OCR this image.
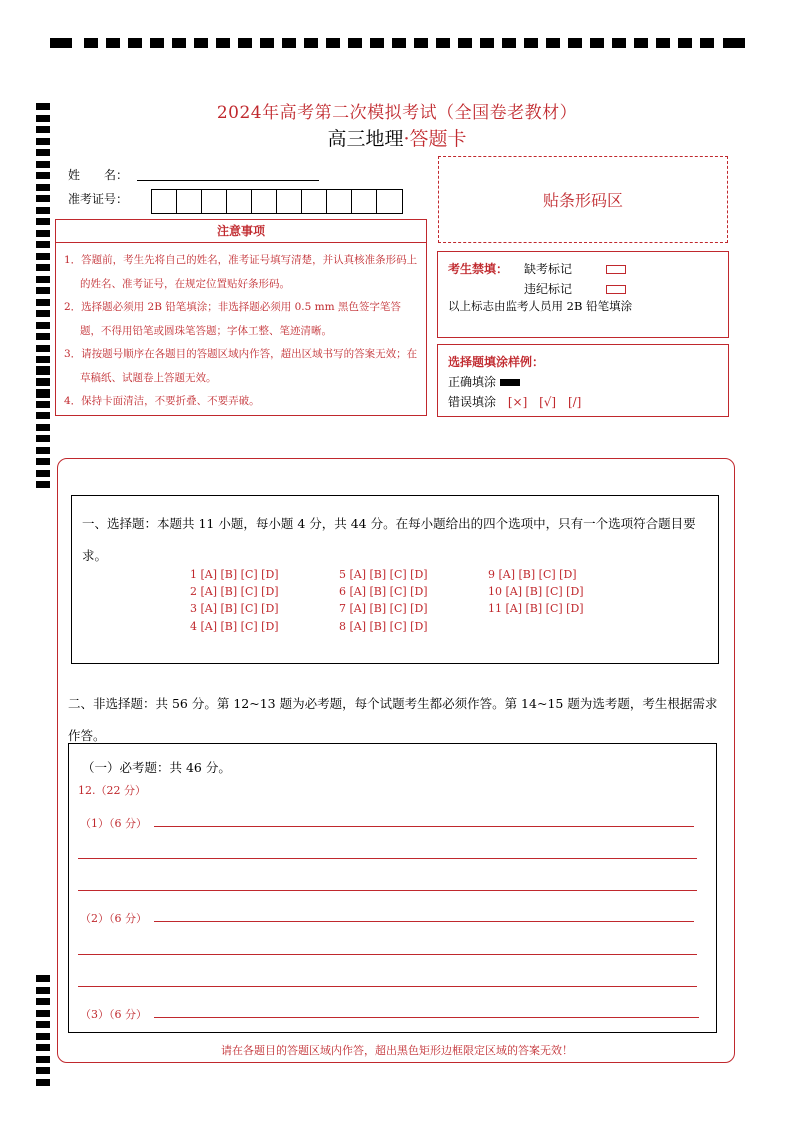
2024年高考第二次模拟考试（全国卷老教材）
高三地理·答题卡
姓　　名：
准考证号：	贴条形码区
注意事项
1．答题前，考生先将自己的姓名，准考证号填写清楚，并认真核准条形码上的姓名、准考证号，在规定位置贴好条形码。
2．选择题必须用 2B 铅笔填涂；非选择题必须用 0.5 mm 黑色签字笔答题，不得用铅笔或圆珠笔答题；字体工整、笔迹清晰。
3．请按题号顺序在各题目的答题区域内作答，超出区域书写的答案无效；在草稿纸、试题卷上答题无效。
4．保持卡面清洁，不要折叠、不要弄破。
考生禁填： 缺考标记
违纪标记
以上标志由监考人员用 2B 铅笔填涂
选择题填涂样例：
正确填涂
错误填涂 [×] [√] [/]
一、选择题：本题共 11 小题，每小题 4 分，共 44 分。在每小题给出的四个选项中，只有一个选项符合题目要求。
1 [A] [B] [C] [D]
2 [A] [B] [C] [D]
3 [A] [B] [C] [D]
4 [A] [B] [C] [D]
5 [A] [B] [C] [D]
6 [A] [B] [C] [D]
7 [A] [B] [C] [D]
8 [A] [B] [C] [D]
9 [A] [B] [C] [D]
10 [A] [B] [C] [D]
11 [A] [B] [C] [D]
二、非选择题：共 56 分。第 12~13 题为必考题，每个试题考生都必须作答。第 14~15 题为选考题，考生根据需求作答。
（一）必考题：共 46 分。
12.（22 分）
（1）（6 分）
（2）（6 分）
（3）（6 分）
请在各题目的答题区域内作答，超出黑色矩形边框限定区域的答案无效！
